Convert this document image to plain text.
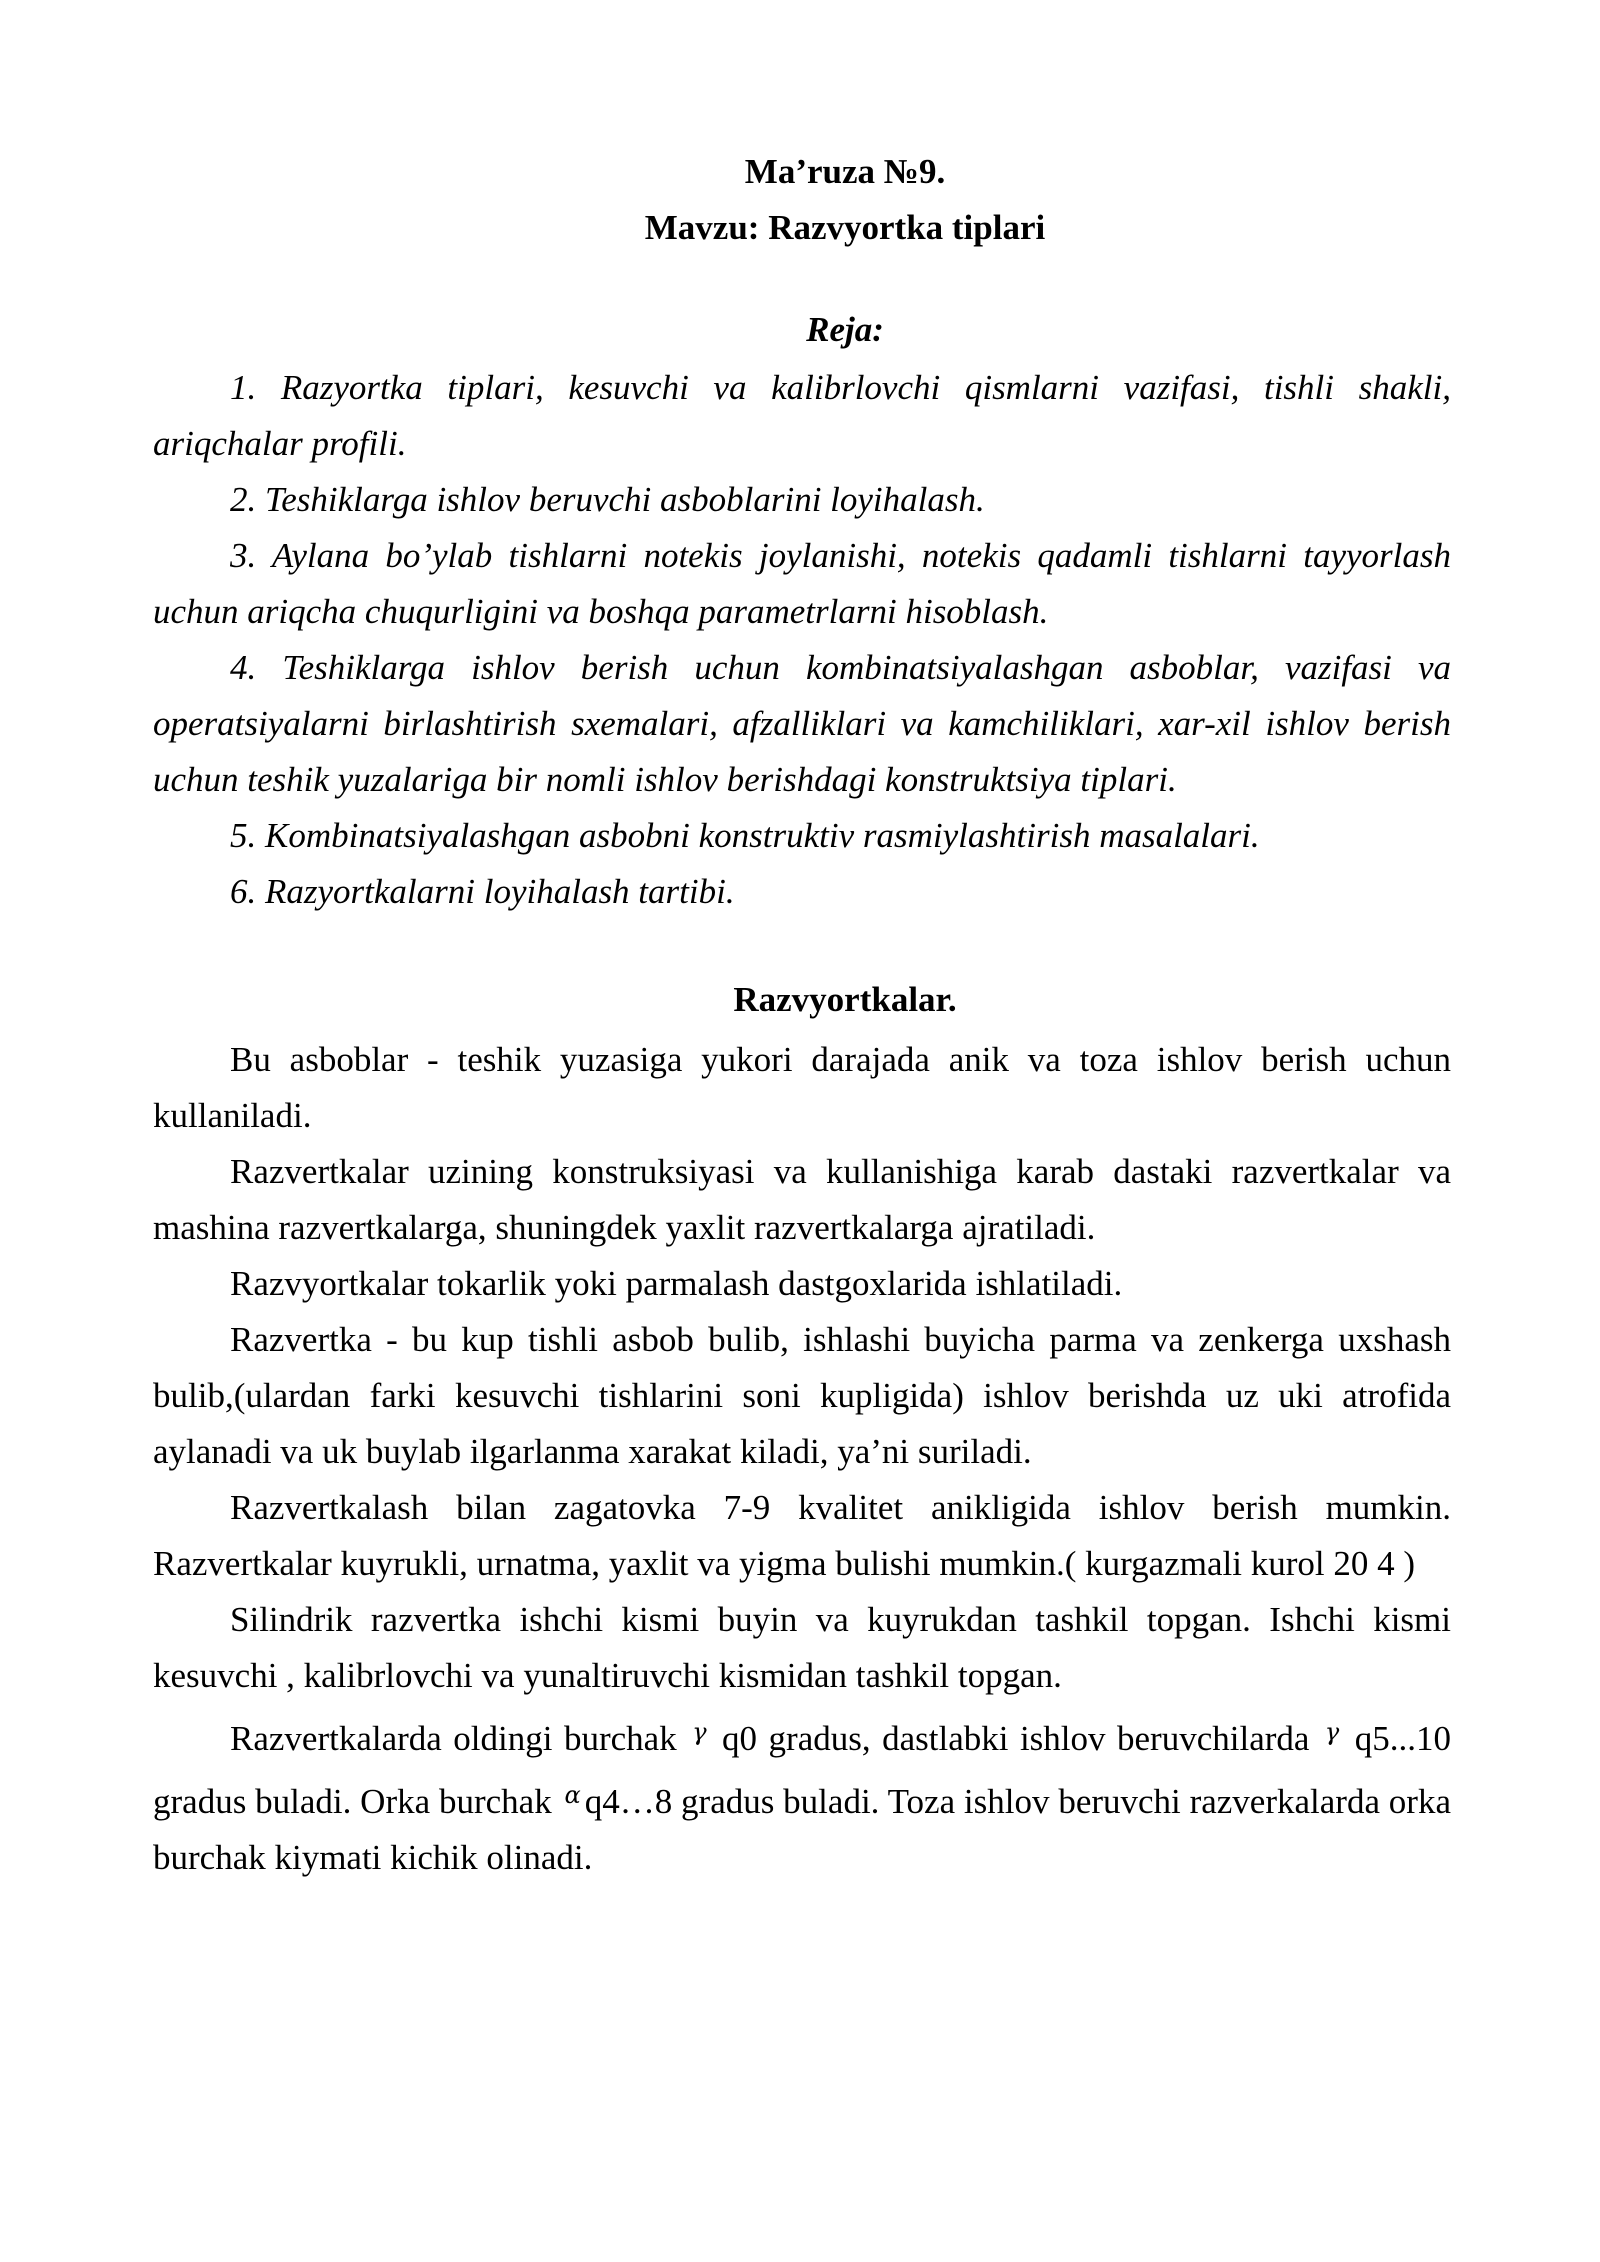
Ma’ruza №9.
Mavzu: Razvyortka tiplari
Reja:

1. Razyortka tiplari, kesuvchi va kalibrlovchi qismlarni vazifasi, tishli shakli, ariqchalar profili.

2. Teshiklarga ishlov beruvchi asboblarini loyihalash.

3. Aylana bo’ylab tishlarni notekis joylanishi, notekis qadamli tishlarni tayyorlash uchun ariqcha chuqurligini va boshqa parametrlarni hisoblash.

4. Teshiklarga ishlov berish uchun kombinatsiyalashgan asboblar, vazifasi va operatsiyalarni birlashtirish sxemalari, afzalliklari va kamchiliklari, xar-xil ishlov berish uchun teshik yuzalariga bir nomli ishlov berishdagi konstruktsiya tiplari.

5. Kombinatsiyalashgan asbobni konstruktiv rasmiylashtirish masalalari.

6. Razyortkalarni loyihalash tartibi.

Razvyortkalar.

Bu asboblar - teshik yuzasiga yukori darajada anik va toza ishlov berish uchun kullaniladi.

Razvertkalar uzining konstruksiyasi va kullanishiga karab dastaki razvertkalar va mashina razvertkalarga, shuningdek yaxlit razvertkalarga ajratiladi.

Razvyortkalar tokarlik yoki parmalash dastgoxlarida ishlatiladi.

Razvertka - bu kup tishli asbob bulib, ishlashi buyicha parma va zenkerga uxshash bulib,(ulardan farki kesuvchi tishlarini soni kupligida) ishlov berishda uz uki atrofida aylanadi va uk buylab ilgarlanma xarakat kiladi, ya’ni suriladi.

Razvertkalash bilan zagatovka 7-9 kvalitet anikligida ishlov berish mumkin. Razvertkalar kuyrukli, urnatma, yaxlit va yigma bulishi mumkin.( kurgazmali kurol 20 4 )

Silindrik razvertka ishchi kismi buyin va kuyrukdan tashkil topgan. Ishchi kismi kesuvchi , kalibrlovchi va yunaltiruvchi kismidan tashkil topgan.

Razvertkalarda oldingi burchak $^\gamma$ q0 gradus, dastlabki ishlov beruvchilarda $^\gamma$ q5...10 gradus buladi. Orka burchak $^\alpha$ q4…8 gradus buladi. Toza ishlov beruvchi razverkalarda orka burchak kiymati kichik olinadi.
